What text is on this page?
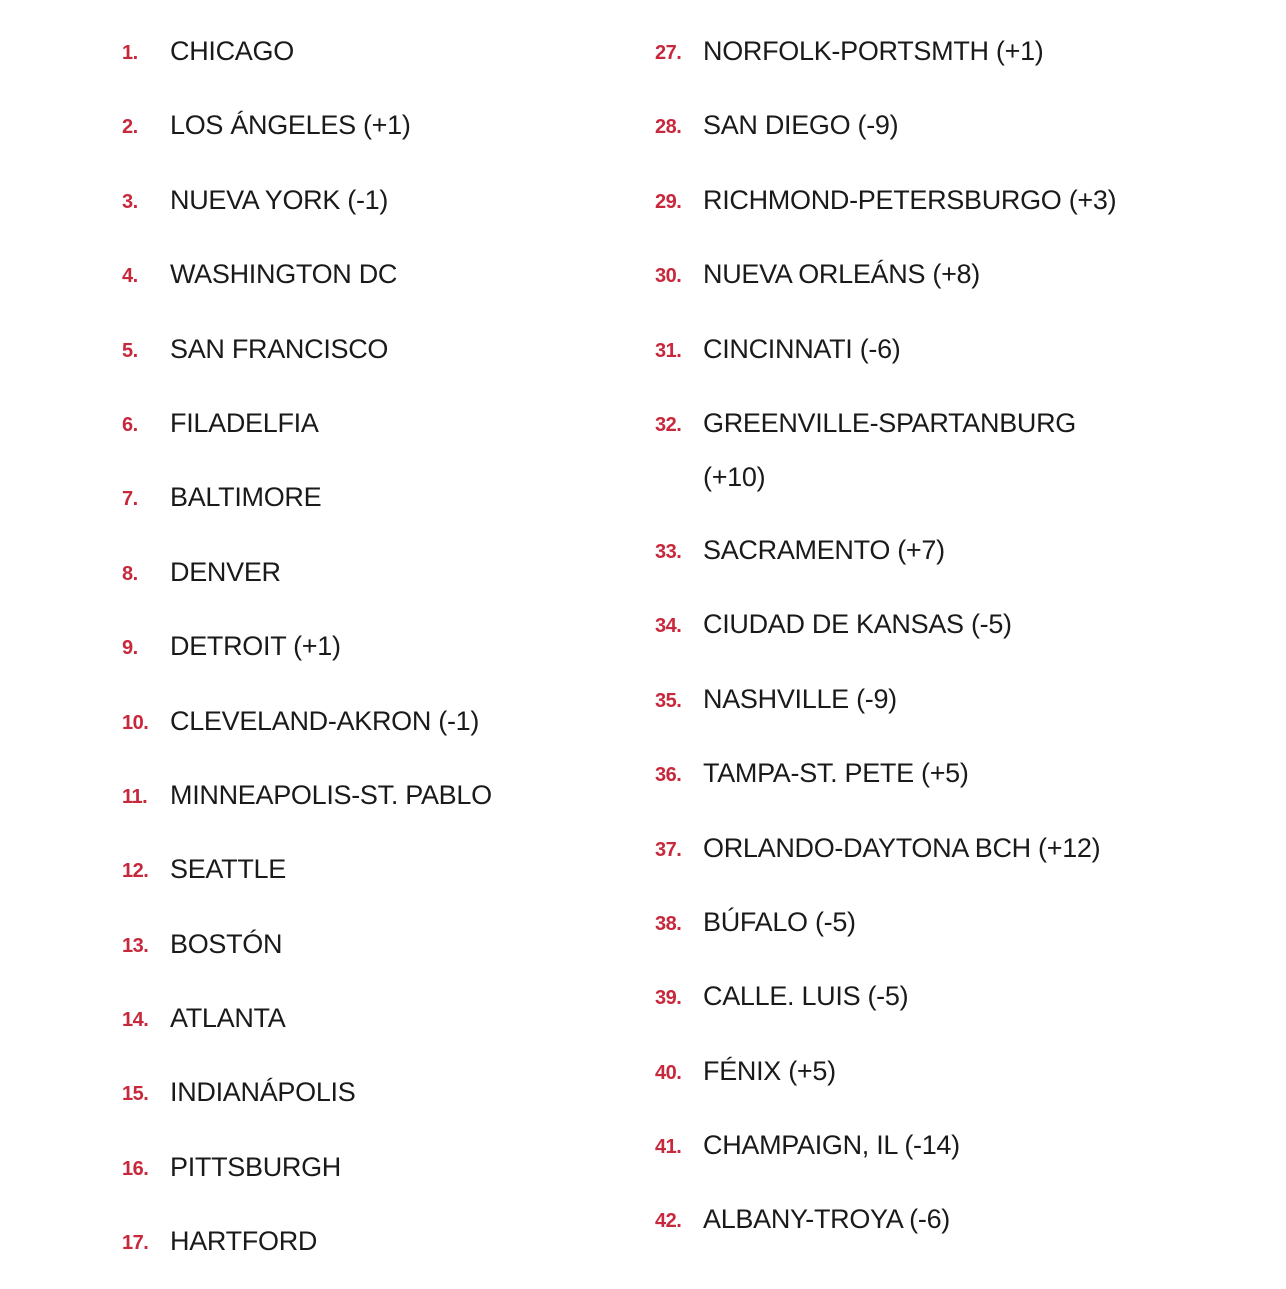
1.	CHICAGO
2.	LOS ÁNGELES (+1)
3.	NUEVA YORK (-1)
4.	WASHINGTON DC
5.	SAN FRANCISCO
6.	FILADELFIA
7.	BALTIMORE
8.	DENVER
9.	DETROIT (+1)
10. CLEVELAND-AKRON (-1)
11. MINNEAPOLIS-ST. PABLO
12. SEATTLE
13. BOSTÓN
14. ATLANTA
15. INDIANÁPOLIS
16. PITTSBURGH
17. HARTFORD
27. NORFOLK-PORTSMTH (+1)
28. SAN DIEGO (-9)
29. RICHMOND-PETERSBURGO (+3)
30. NUEVA ORLEÁNS (+8)
31. CINCINNATI (-6)
32. GREENVILLE-SPARTANBURG (+10)
33. SACRAMENTO (+7)
34. CIUDAD DE KANSAS (-5)
35. NASHVILLE (-9)
36. TAMPA-ST. PETE (+5)
37. ORLANDO-DAYTONA BCH (+12)
38. BÚFALO (-5)
39. CALLE. LUIS (-5)
40. FÉNIX (+5)
41. CHAMPAIGN, IL (-14)
42. ALBANY-TROYA (-6)
